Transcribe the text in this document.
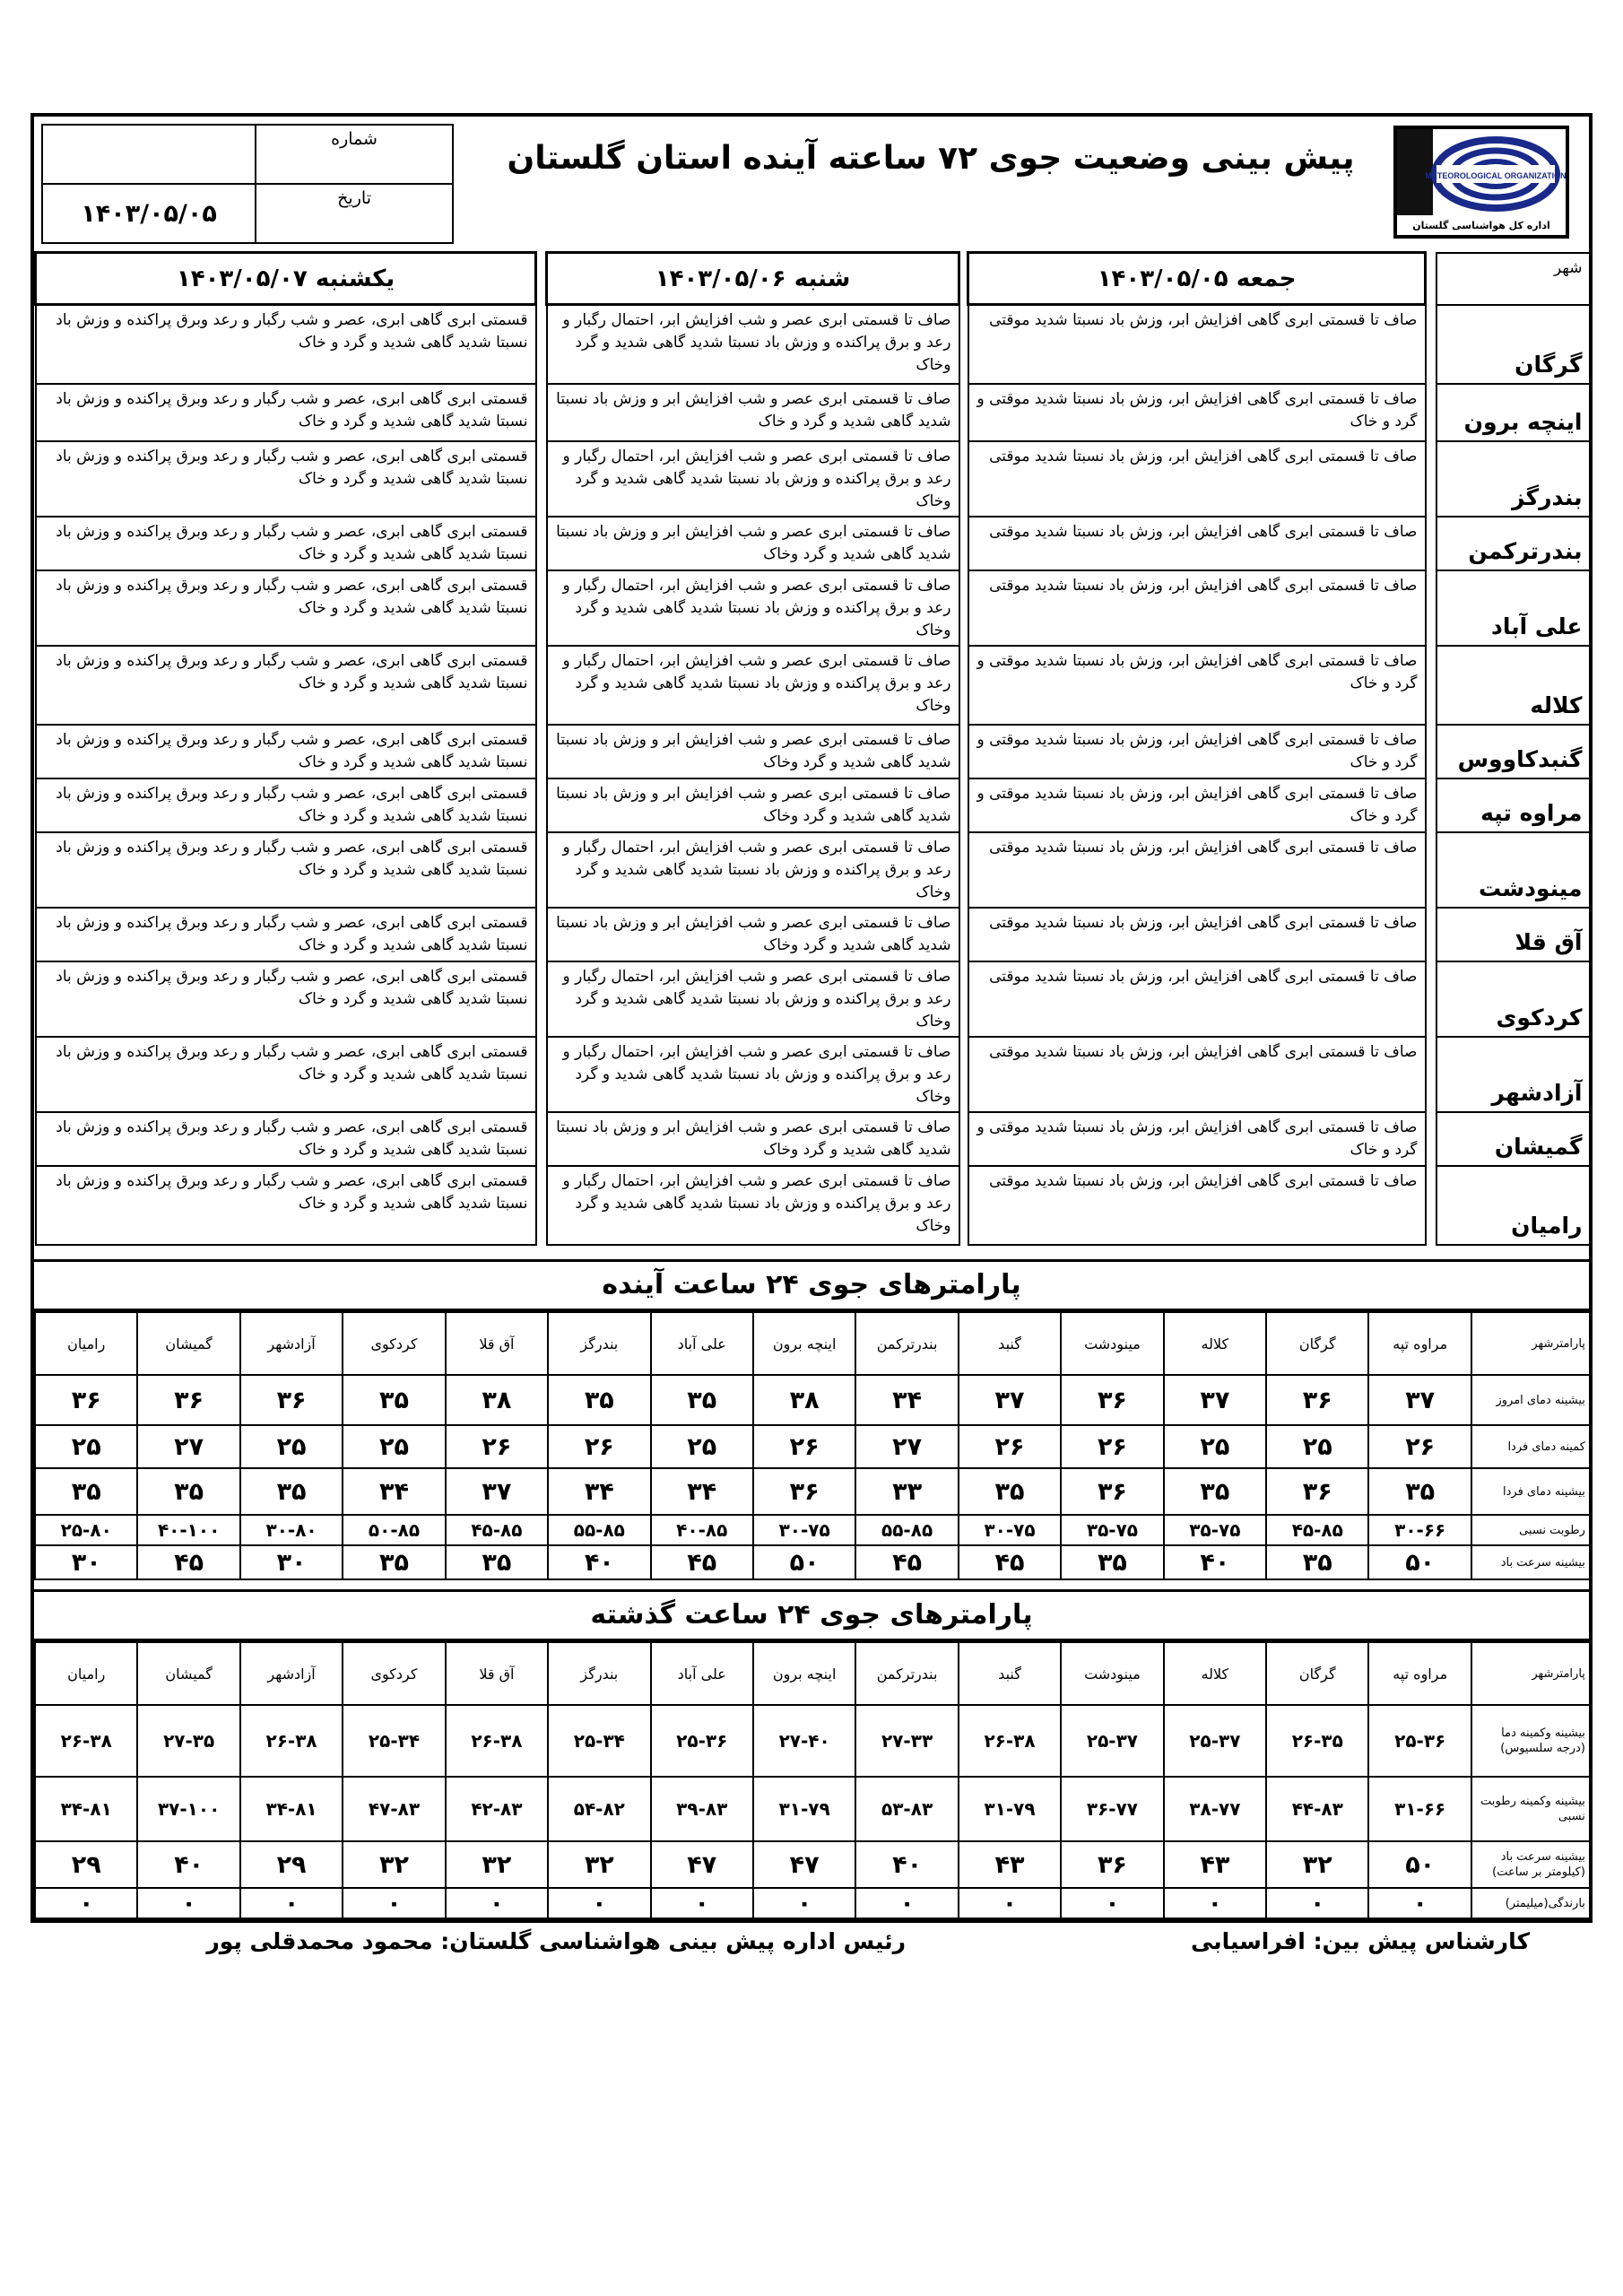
	شماره
۱۴۰۳/۰۵/۰۵	تاریخ
پیش بینی وضعیت جوی ۷۲ ساعته آینده استان گلستان	METEOROLOGICAL ORGANIZATION
اداره کل هواشناسی گلستان
یکشنبه ۱۴۰۳/۰۵/۰۷		شنبه ۱۴۰۳/۰۵/۰۶		جمعه ۱۴۰۳/۰۵/۰۵		شهر
قسمتی ابری گاهی ابری، عصر و شب رگبار و رعد وبرق پراکنده و وزش باد نسبتا شدید گاهی شدید و گرد و خاک		صاف تا قسمتی ابری عصر و شب افزایش ابر، احتمال رگبار و رعد و برق پراکنده و وزش باد نسبتا شدید گاهی شدید و گرد وخاک		صاف تا قسمتی ابری گاهی افزایش ابر، وزش باد نسبتا شدید موقتی		گرگان
قسمتی ابری گاهی ابری، عصر و شب رگبار و رعد وبرق پراکنده و وزش باد نسبتا شدید گاهی شدید و گرد و خاک		صاف تا قسمتی ابری عصر و شب افزایش ابر و وزش باد نسبتا شدید گاهی شدید و گرد و خاک		صاف تا قسمتی ابری گاهی افزایش ابر، وزش باد نسبتا شدید موقتی و گرد و خاک		اینچه برون
قسمتی ابری گاهی ابری، عصر و شب رگبار و رعد وبرق پراکنده و وزش باد نسبتا شدید گاهی شدید و گرد و خاک		صاف تا قسمتی ابری عصر و شب افزایش ابر، احتمال رگبار و رعد و برق پراکنده و وزش باد نسبتا شدید گاهی شدید و گرد وخاک		صاف تا قسمتی ابری گاهی افزایش ابر، وزش باد نسبتا شدید موقتی		بندرگز
قسمتی ابری گاهی ابری، عصر و شب رگبار و رعد وبرق پراکنده و وزش باد نسبتا شدید گاهی شدید و گرد و خاک		صاف تا قسمتی ابری عصر و شب افزایش ابر و وزش باد نسبتا شدید گاهی شدید و گرد وخاک		صاف تا قسمتی ابری گاهی افزایش ابر، وزش باد نسبتا شدید موقتی		بندرترکمن
قسمتی ابری گاهی ابری، عصر و شب رگبار و رعد وبرق پراکنده و وزش باد نسبتا شدید گاهی شدید و گرد و خاک		صاف تا قسمتی ابری عصر و شب افزایش ابر، احتمال رگبار و رعد و برق پراکنده و وزش باد نسبتا شدید گاهی شدید و گرد وخاک		صاف تا قسمتی ابری گاهی افزایش ابر، وزش باد نسبتا شدید موقتی		علی آباد
قسمتی ابری گاهی ابری، عصر و شب رگبار و رعد وبرق پراکنده و وزش باد نسبتا شدید گاهی شدید و گرد و خاک		صاف تا قسمتی ابری عصر و شب افزایش ابر، احتمال رگبار و رعد و برق پراکنده و وزش باد نسبتا شدید گاهی شدید و گرد وخاک		صاف تا قسمتی ابری گاهی افزایش ابر، وزش باد نسبتا شدید موقتی و گرد و خاک		کلاله
قسمتی ابری گاهی ابری، عصر و شب رگبار و رعد وبرق پراکنده و وزش باد نسبتا شدید گاهی شدید و گرد و خاک		صاف تا قسمتی ابری عصر و شب افزایش ابر و وزش باد نسبتا شدید گاهی شدید و گرد وخاک		صاف تا قسمتی ابری گاهی افزایش ابر، وزش باد نسبتا شدید موقتی و گرد و خاک		گنبدکاووس
قسمتی ابری گاهی ابری، عصر و شب رگبار و رعد وبرق پراکنده و وزش باد نسبتا شدید گاهی شدید و گرد و خاک		صاف تا قسمتی ابری عصر و شب افزایش ابر و وزش باد نسبتا شدید گاهی شدید و گرد وخاک		صاف تا قسمتی ابری گاهی افزایش ابر، وزش باد نسبتا شدید موقتی و گرد و خاک		مراوه تپه
قسمتی ابری گاهی ابری، عصر و شب رگبار و رعد وبرق پراکنده و وزش باد نسبتا شدید گاهی شدید و گرد و خاک		صاف تا قسمتی ابری عصر و شب افزایش ابر، احتمال رگبار و رعد و برق پراکنده و وزش باد نسبتا شدید گاهی شدید و گرد وخاک		صاف تا قسمتی ابری گاهی افزایش ابر، وزش باد نسبتا شدید موقتی		مینودشت
قسمتی ابری گاهی ابری، عصر و شب رگبار و رعد وبرق پراکنده و وزش باد نسبتا شدید گاهی شدید و گرد و خاک		صاف تا قسمتی ابری عصر و شب افزایش ابر و وزش باد نسبتا شدید گاهی شدید و گرد وخاک		صاف تا قسمتی ابری گاهی افزایش ابر، وزش باد نسبتا شدید موقتی		آق قلا
قسمتی ابری گاهی ابری، عصر و شب رگبار و رعد وبرق پراکنده و وزش باد نسبتا شدید گاهی شدید و گرد و خاک		صاف تا قسمتی ابری عصر و شب افزایش ابر، احتمال رگبار و رعد و برق پراکنده و وزش باد نسبتا شدید گاهی شدید و گرد وخاک		صاف تا قسمتی ابری گاهی افزایش ابر، وزش باد نسبتا شدید موقتی		کردکوی
قسمتی ابری گاهی ابری، عصر و شب رگبار و رعد وبرق پراکنده و وزش باد نسبتا شدید گاهی شدید و گرد و خاک		صاف تا قسمتی ابری عصر و شب افزایش ابر، احتمال رگبار و رعد و برق پراکنده و وزش باد نسبتا شدید گاهی شدید و گرد وخاک		صاف تا قسمتی ابری گاهی افزایش ابر، وزش باد نسبتا شدید موقتی		آزادشهر
قسمتی ابری گاهی ابری، عصر و شب رگبار و رعد وبرق پراکنده و وزش باد نسبتا شدید گاهی شدید و گرد و خاک		صاف تا قسمتی ابری عصر و شب افزایش ابر و وزش باد نسبتا شدید گاهی شدید و گرد وخاک		صاف تا قسمتی ابری گاهی افزایش ابر، وزش باد نسبتا شدید موقتی و گرد و خاک		گمیشان
قسمتی ابری گاهی ابری، عصر و شب رگبار و رعد وبرق پراکنده و وزش باد نسبتا شدید گاهی شدید و گرد و خاک		صاف تا قسمتی ابری عصر و شب افزایش ابر، احتمال رگبار و رعد و برق پراکنده و وزش باد نسبتا شدید گاهی شدید و گرد وخاک		صاف تا قسمتی ابری گاهی افزایش ابر، وزش باد نسبتا شدید موقتی		رامیان
پارامترهای جوی ۲۴ ساعت آینده
رامیان	گمیشان	آزادشهر	کردکوی	آق قلا	بندرگز	علی آباد	اینچه برون	بندرترکمن	گنبد	مینودشت	کلاله	گرگان	مراوه تپه	پارامترشهر
۳۶	۳۶	۳۶	۳۵	۳۸	۳۵	۳۵	۳۸	۳۴	۳۷	۳۶	۳۷	۳۶	۳۷	بیشینه دمای امروز
۲۵	۲۷	۲۵	۲۵	۲۶	۲۶	۲۵	۲۶	۲۷	۲۶	۲۶	۲۵	۲۵	۲۶	کمینه دمای فردا
۳۵	۳۵	۳۵	۳۴	۳۷	۳۴	۳۴	۳۶	۳۳	۳۵	۳۶	۳۵	۳۶	۳۵	بیشینه دمای فردا
۲۵-۸۰	۴۰-۱۰۰	۳۰-۸۰	۵۰-۸۵	۴۵-۸۵	۵۵-۸۵	۴۰-۸۵	۳۰-۷۵	۵۵-۸۵	۳۰-۷۵	۳۵-۷۵	۳۵-۷۵	۴۵-۸۵	۳۰-۶۶	رطوبت نسبی
۳۰	۴۵	۳۰	۳۵	۳۵	۴۰	۴۵	۵۰	۴۵	۴۵	۳۵	۴۰	۳۵	۵۰	بیشینه سرعت باد
پارامترهای جوی ۲۴ ساعت گذشته
رامیان	گمیشان	آزادشهر	کردکوی	آق قلا	بندرگز	علی آباد	اینچه برون	بندرترکمن	گنبد	مینودشت	کلاله	گرگان	مراوه تپه	پارامترشهر
۲۶-۳۸	۲۷-۳۵	۲۶-۳۸	۲۵-۳۴	۲۶-۳۸	۲۵-۳۴	۲۵-۳۶	۲۷-۴۰	۲۷-۳۳	۲۶-۳۸	۲۵-۳۷	۲۵-۳۷	۲۶-۳۵	۲۵-۳۶	بیشینه وکمینه دما (درجه سلسیوس)
۳۴-۸۱	۳۷-۱۰۰	۳۴-۸۱	۴۷-۸۳	۴۲-۸۳	۵۴-۸۲	۳۹-۸۳	۳۱-۷۹	۵۳-۸۳	۳۱-۷۹	۳۶-۷۷	۳۸-۷۷	۴۴-۸۳	۳۱-۶۶	بیشینه وکمینه رطوبت نسبی
۲۹	۴۰	۲۹	۳۲	۳۲	۳۲	۴۷	۴۷	۴۰	۴۳	۳۶	۴۳	۳۲	۵۰	بیشینه سرعت باد (کیلومتر بر ساعت)
۰	۰	۰	۰	۰	۰	۰	۰	۰	۰	۰	۰	۰	۰	بارندگی(میلیمتر)
کارشناس پیش بین: افراسیابی
رئیس اداره پیش بینی هواشناسی گلستان: محمود محمدقلی پور
